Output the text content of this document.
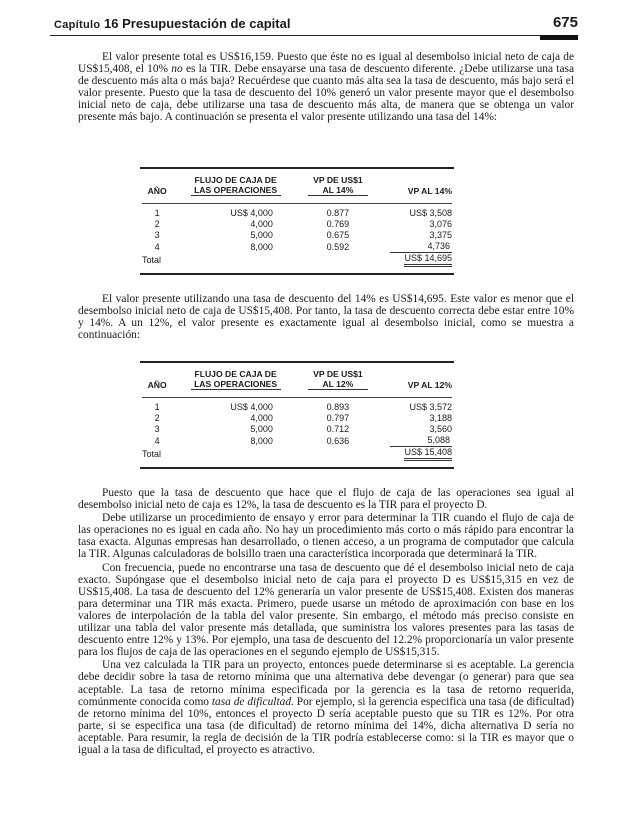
Capítulo 16 Presupuestación de capital	675

El valor presente total es US$16,159. Puesto que éste no es igual al desembolso inicial neto de caja de US$15,408, el 10% no es la TIR. Debe ensayarse una tasa de descuento diferente. ¿Debe utilizarse una tasa de descuento más alta o más baja? Recuérdese que cuanto más alta sea la tasa de descuento, más bajo será el valor presente. Puesto que la tasa de descuento del 10% generó un valor presente mayor que el desembolso inicial neto de caja, debe utilizarse una tasa de descuento más alta, de manera que se obtenga un valor presente más bajo. A continuación se presenta el valor presente utilizando una tasa del 14%:

AÑO	FLUJO DE CAJA DE LAS OPERACIONES	VP DE US$1 AL 14%	VP AL 14%

1	US$ 4,000	0.877	US$ 3,508
2	4,000	0.769	3,076
3	5,000	0.675	3,375
4	8,000	0.592	4,736
Total			US$ 14,695

El valor presente utilizando una tasa de descuento del 14% es US$14,695. Este valor es menor que el desembolso inicial neto de caja de US$15,408. Por tanto, la tasa de descuento correcta debe estar entre 10% y 14%. A un 12%, el valor presente es exactamente igual al desembolso inicial, como se muestra a continuación:

AÑO	FLUJO DE CAJA DE LAS OPERACIONES	VP DE US$1 AL 12%	VP AL 12%

1	US$ 4,000	0.893	US$ 3,572
2	4,000	0.797	3,188
3	5,000	0.712	3,560
4	8,000	0.636	5,088
Total			US$ 15,408

Puesto que la tasa de descuento que hace que el flujo de caja de las operaciones sea igual al desembolso inicial neto de caja es 12%, la tasa de descuento es la TIR para el proyecto D.

Debe utilizarse un procedimiento de ensayo y error para determinar la TIR cuando el flujo de caja de las operaciones no es igual en cada año. No hay un procedimiento más corto o más rápido para encontrar la tasa exacta. Algunas empresas han desarrollado, o tienen acceso, a un programa de computador que calcula la TIR. Algunas calculadoras de bolsillo traen una característica incorporada que determinará la TIR.

Con frecuencia, puede no encontrarse una tasa de descuento que dé el desembolso inicial neto de caja exacto. Supóngase que el desembolso inicial neto de caja para el proyecto D es US$15,315 en vez de US$15,408. La tasa de descuento del 12% generaría un valor presente de US$15,408. Existen dos maneras para determinar una TIR más exacta. Primero, puede usarse un método de aproximación con base en los valores de interpolación de la tabla del valor presente. Sin embargo, el método más preciso consiste en utilizar una tabla del valor presente más detallada, que suministra los valores presentes para las tasas de descuento entre 12% y 13%. Por ejemplo, una tasa de descuento del 12.2% proporcionaría un valor presente para los flujos de caja de las operaciones en el segundo ejemplo de US$15,315.

Una vez calculada la TIR para un proyecto, entonces puede determinarse si es aceptable. La gerencia debe decidir sobre la tasa de retorno mínima que una alternativa debe devengar (o generar) para que sea aceptable. La tasa de retorno mínima especificada por la gerencia es la tasa de retorno requerida, comúnmente conocida como tasa de dificultad. Por ejemplo, si la gerencia especifica una tasa (de dificultad) de retorno mínima del 10%, entonces el proyecto D sería aceptable puesto que su TIR es 12%. Por otra parte, si se especifica una tasa (de dificultad) de retorno mínima del 14%, dicha alternativa D sería no aceptable. Para resumir, la regla de decisión de la TIR podría establecerse como: si la TIR es mayor que o igual a la tasa de dificultad, el proyecto es atractivo.
